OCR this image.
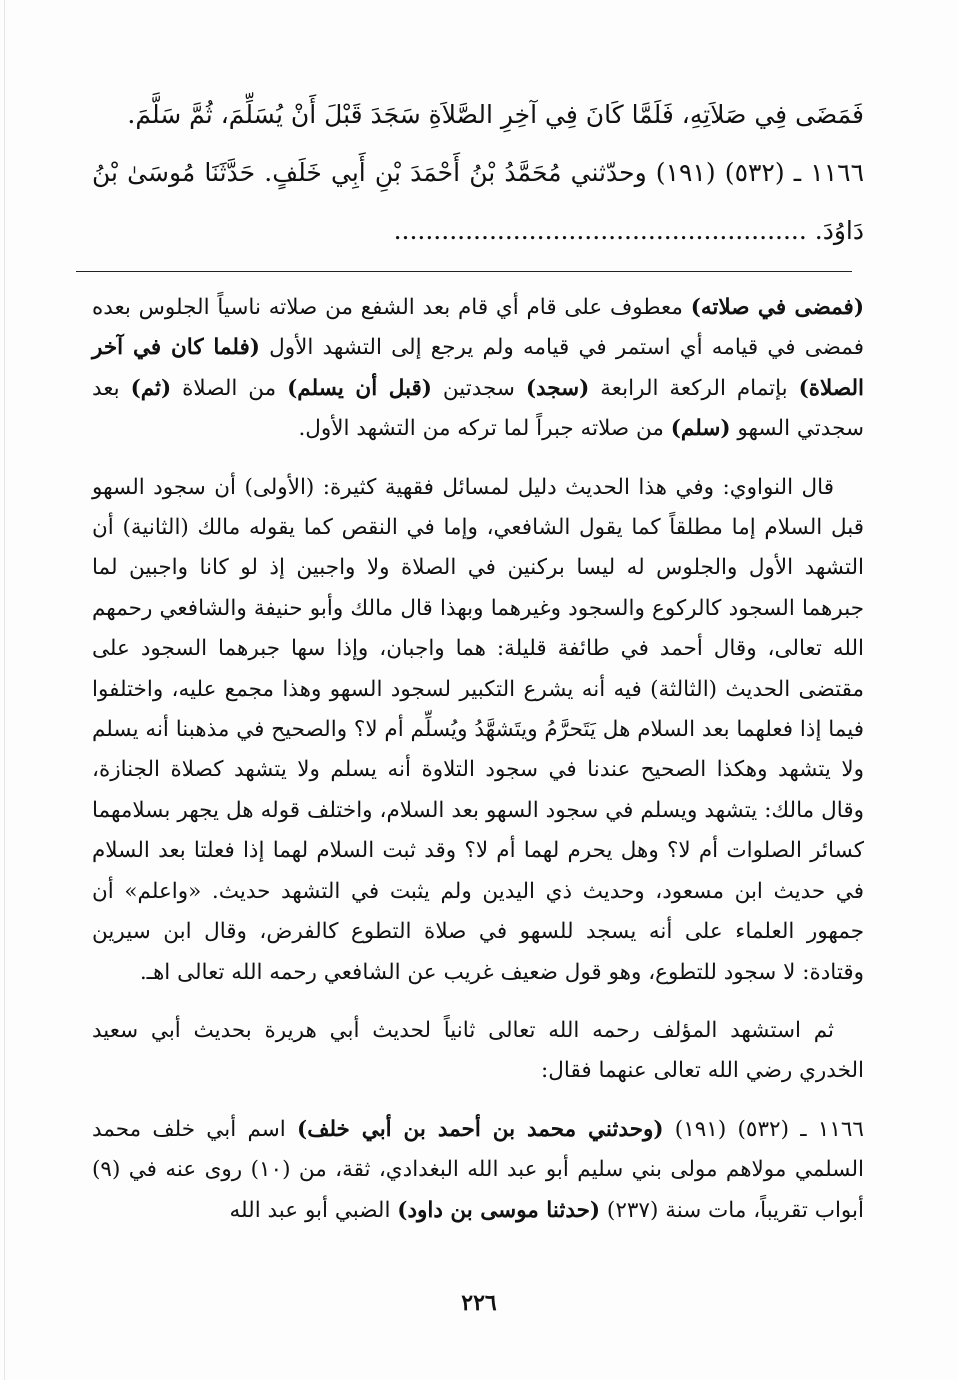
فَمَضَى فِي صَلاَتِهِ، فَلَمَّا كَانَ فِي آخِرِ الصَّلاَةِ سَجَدَ قَبْلَ أَنْ يُسَلِّمَ، ثُمَّ سَلَّمَ.

١١٦٦ ـ (٥٣٢) (١٩١) وحدّثني مُحَمَّدُ بْنُ أَحْمَدَ بْنِ أَبِي خَلَفٍ. حَدَّثَنَا مُوسَىٰ بْنُ دَاوُدَ. ....................................................

(فمضى في صلاته) معطوف على قام أي قام بعد الشفع من صلاته ناسياً الجلوس بعده فمضى في قيامه أي استمر في قيامه ولم يرجع إلى التشهد الأول (فلما كان في آخر الصلاة) بإتمام الركعة الرابعة (سجد) سجدتين (قبل أن يسلم) من الصلاة (ثم) بعد سجدتي السهو (سلم) من صلاته جبراً لما تركه من التشهد الأول.

قال النواوي: وفي هذا الحديث دليل لمسائل فقهية كثيرة: (الأولى) أن سجود السهو قبل السلام إما مطلقاً كما يقول الشافعي، وإما في النقص كما يقوله مالك (الثانية) أن التشهد الأول والجلوس له ليسا بركنين في الصلاة ولا واجبين إذ لو كانا واجبين لما جبرهما السجود كالركوع والسجود وغيرهما وبهذا قال مالك وأبو حنيفة والشافعي رحمهم الله تعالى، وقال أحمد في طائفة قليلة: هما واجبان، وإذا سها جبرهما السجود على مقتضى الحديث (الثالثة) فيه أنه يشرع التكبير لسجود السهو وهذا مجمع عليه، واختلفوا فيما إذا فعلهما بعد السلام هل يَتَحرَّمُ ويتَشهَّدُ ويُسلِّم أم لا؟ والصحيح في مذهبنا أنه يسلم ولا يتشهد وهكذا الصحيح عندنا في سجود التلاوة أنه يسلم ولا يتشهد كصلاة الجنازة، وقال مالك: يتشهد ويسلم في سجود السهو بعد السلام، واختلف قوله هل يجهر بسلامهما كسائر الصلوات أم لا؟ وهل يحرم لهما أم لا؟ وقد ثبت السلام لهما إذا فعلتا بعد السلام في حديث ابن مسعود، وحديث ذي اليدين ولم يثبت في التشهد حديث. «واعلم» أن جمهور العلماء على أنه يسجد للسهو في صلاة التطوع كالفرض، وقال ابن سيرين وقتادة: لا سجود للتطوع، وهو قول ضعيف غريب عن الشافعي رحمه الله تعالى اهـ.

ثم استشهد المؤلف رحمه الله تعالى ثانياً لحديث أبي هريرة بحديث أبي سعيد الخدري رضي الله تعالى عنهما فقال:

١١٦٦ ـ (٥٣٢) (١٩١) (وحدثني محمد بن أحمد بن أبي خلف) اسم أبي خلف محمد السلمي مولاهم مولى بني سليم أبو عبد الله البغدادي، ثقة، من (١٠) روى عنه في (٩) أبواب تقريباً، مات سنة (٢٣٧) (حدثنا موسى بن داود) الضبي أبو عبد الله

٢٢٦
